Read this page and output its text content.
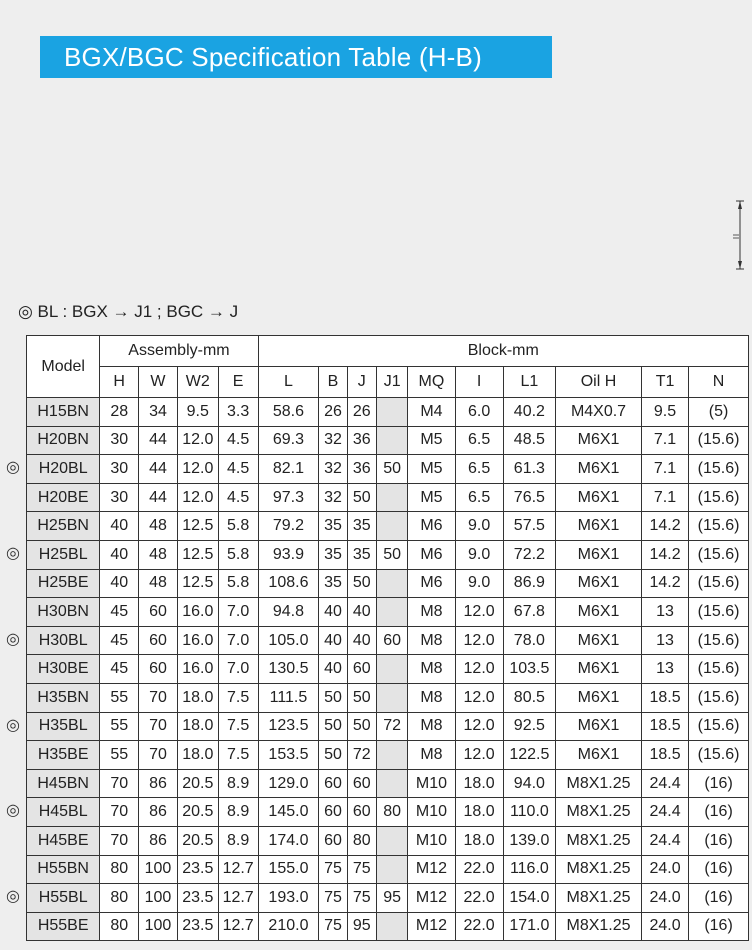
BGX/BGC Specification Table (H-B)
◎ BL : BGX → J1 ; BGC → J
◎
◎
◎
◎
◎
◎
Model	Assembly-mm				Block-mm									
	H	W	W2	E	L	B	J	J1	MQ	I	L1	Oil H	T1	N
H15BN	28	34	9.5	3.3	58.6	26	26		M4	6.0	40.2	M4X0.7	9.5	(5)
H20BN	30	44	12.0	4.5	69.3	32	36		M5	6.5	48.5	M6X1	7.1	(15.6)
H20BL	30	44	12.0	4.5	82.1	32	36	50	M5	6.5	61.3	M6X1	7.1	(15.6)
H20BE	30	44	12.0	4.5	97.3	32	50		M5	6.5	76.5	M6X1	7.1	(15.6)
H25BN	40	48	12.5	5.8	79.2	35	35		M6	9.0	57.5	M6X1	14.2	(15.6)
H25BL	40	48	12.5	5.8	93.9	35	35	50	M6	9.0	72.2	M6X1	14.2	(15.6)
H25BE	40	48	12.5	5.8	108.6	35	50		M6	9.0	86.9	M6X1	14.2	(15.6)
H30BN	45	60	16.0	7.0	94.8	40	40		M8	12.0	67.8	M6X1	13	(15.6)
H30BL	45	60	16.0	7.0	105.0	40	40	60	M8	12.0	78.0	M6X1	13	(15.6)
H30BE	45	60	16.0	7.0	130.5	40	60		M8	12.0	103.5	M6X1	13	(15.6)
H35BN	55	70	18.0	7.5	111.5	50	50		M8	12.0	80.5	M6X1	18.5	(15.6)
H35BL	55	70	18.0	7.5	123.5	50	50	72	M8	12.0	92.5	M6X1	18.5	(15.6)
H35BE	55	70	18.0	7.5	153.5	50	72		M8	12.0	122.5	M6X1	18.5	(15.6)
H45BN	70	86	20.5	8.9	129.0	60	60		M10	18.0	94.0	M8X1.25	24.4	(16)
H45BL	70	86	20.5	8.9	145.0	60	60	80	M10	18.0	110.0	M8X1.25	24.4	(16)
H45BE	70	86	20.5	8.9	174.0	60	80		M10	18.0	139.0	M8X1.25	24.4	(16)
H55BN	80	100	23.5	12.7	155.0	75	75		M12	22.0	116.0	M8X1.25	24.0	(16)
H55BL	80	100	23.5	12.7	193.0	75	75	95	M12	22.0	154.0	M8X1.25	24.0	(16)
H55BE	80	100	23.5	12.7	210.0	75	95		M12	22.0	171.0	M8X1.25	24.0	(16)
